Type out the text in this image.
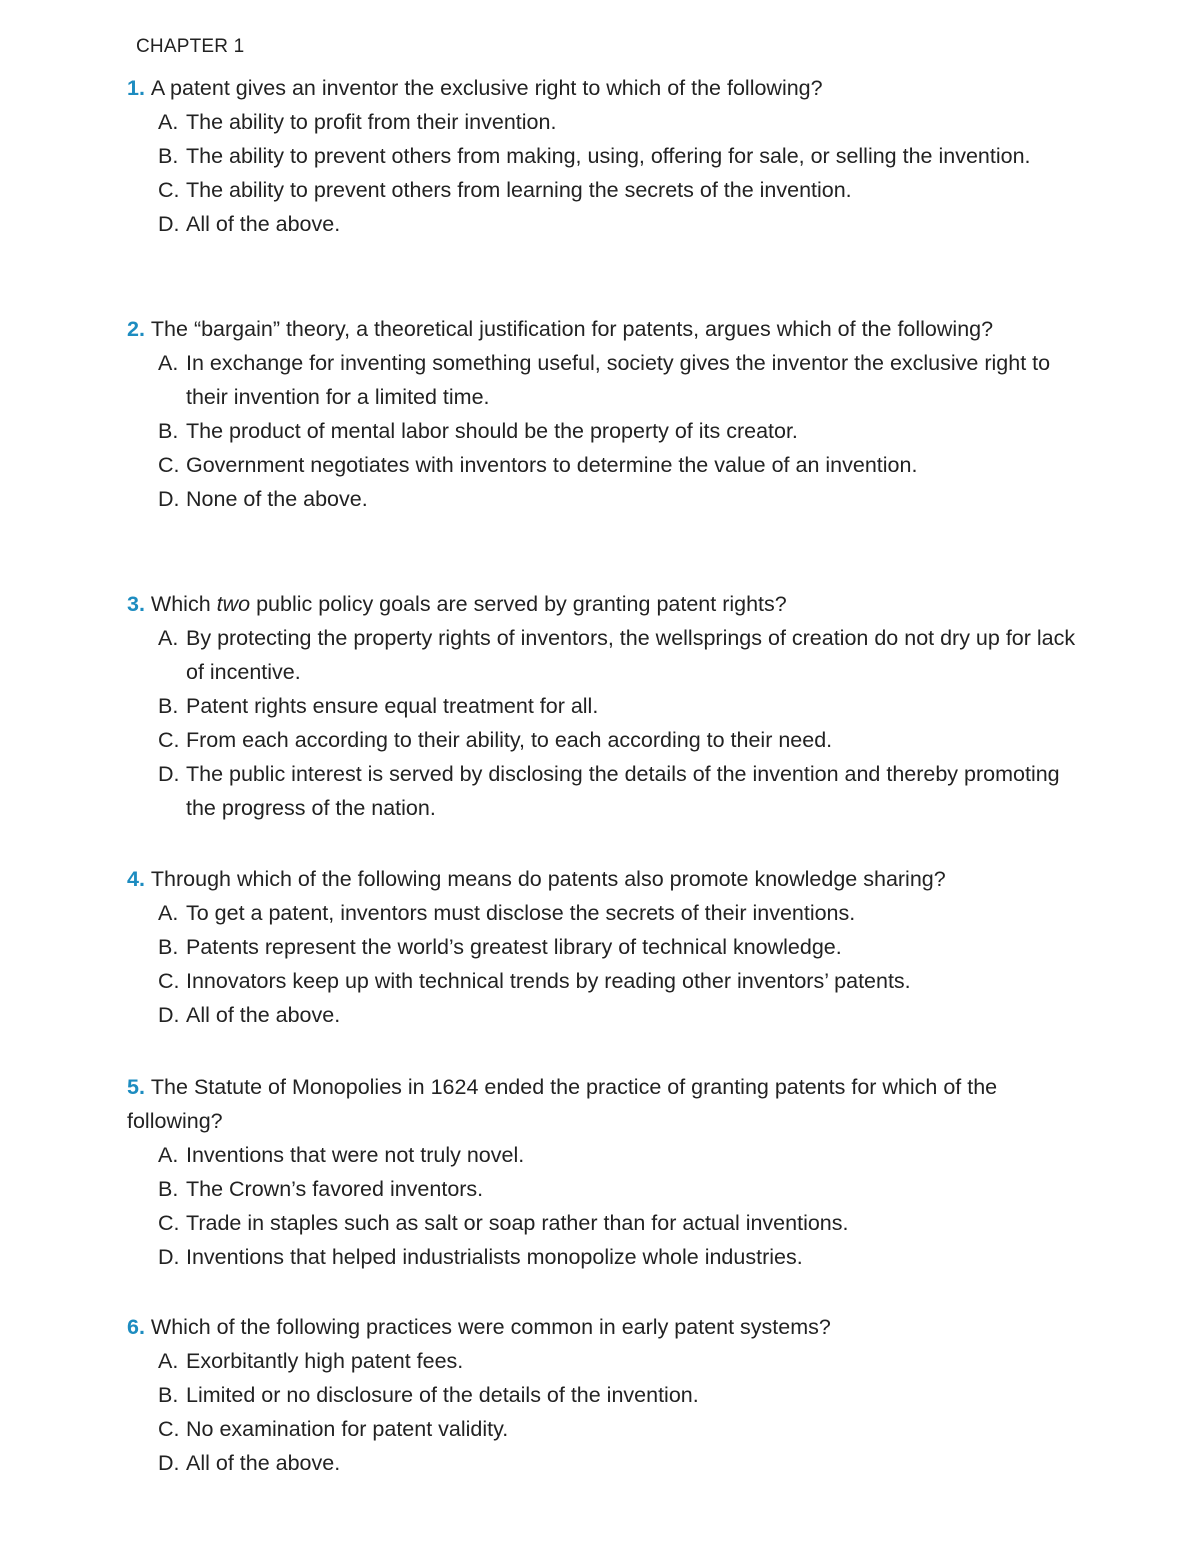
CHAPTER 1

1. A patent gives an inventor the exclusive right to which of the following?

A. The ability to profit from their invention.
B. The ability to prevent others from making, using, offering for sale, or selling the invention.
C. The ability to prevent others from learning the secrets of the invention.
D. All of the above.

2. The “bargain” theory, a theoretical justification for patents, argues which of the following?

A. In exchange for inventing something useful, society gives the inventor the exclusive right to their invention for a limited time.
B. The product of mental labor should be the property of its creator.
C. Government negotiates with inventors to determine the value of an invention.
D. None of the above.

3. Which two public policy goals are served by granting patent rights?

A. By protecting the property rights of inventors, the wellsprings of creation do not dry up for lack of incentive.
B. Patent rights ensure equal treatment for all.
C. From each according to their ability, to each according to their need.
D. The public interest is served by disclosing the details of the invention and thereby promoting the progress of the nation.

4. Through which of the following means do patents also promote knowledge sharing?

A. To get a patent, inventors must disclose the secrets of their inventions.
B. Patents represent the world’s greatest library of technical knowledge.
C. Innovators keep up with technical trends by reading other inventors’ patents.
D. All of the above.

5. The Statute of Monopolies in 1624 ended the practice of granting patents for which of the following?

A. Inventions that were not truly novel.
B. The Crown’s favored inventors.
C. Trade in staples such as salt or soap rather than for actual inventions.
D. Inventions that helped industrialists monopolize whole industries.

6. Which of the following practices were common in early patent systems?

A. Exorbitantly high patent fees.
B. Limited or no disclosure of the details of the invention.
C. No examination for patent validity.
D. All of the above.
